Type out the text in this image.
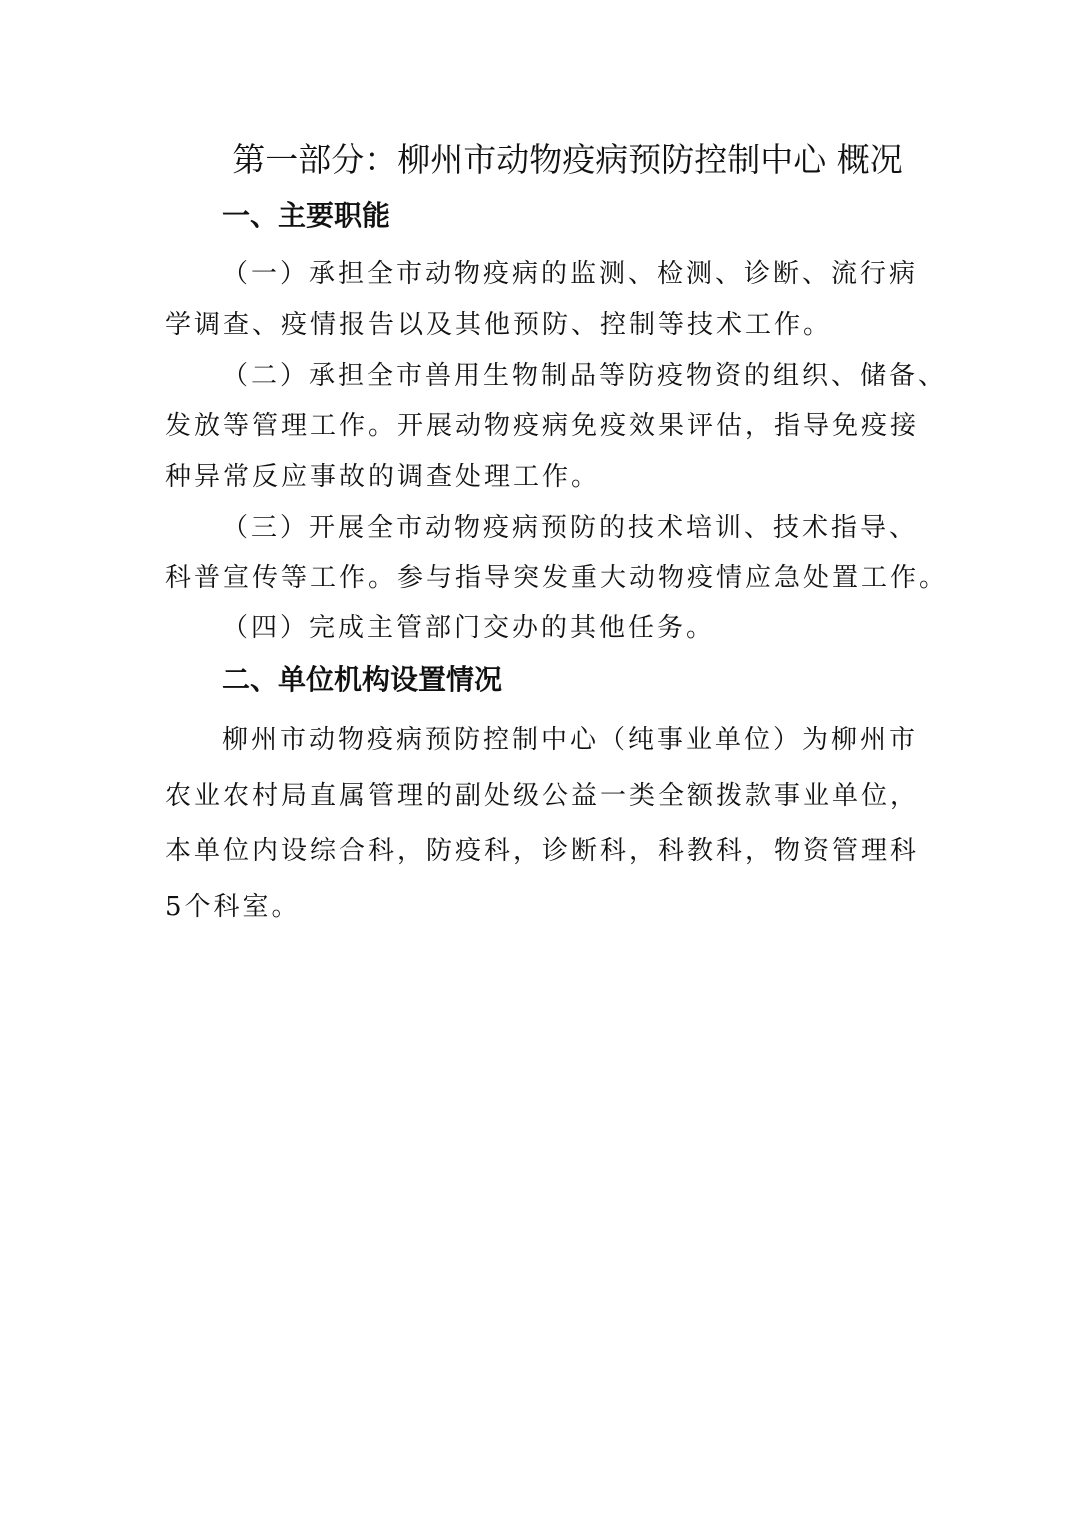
第一部分：柳州市动物疫病预防控制中心 概况
一、主要职能
（一）承担全市动物疫病的监测、检测、诊断、流行病
学调查、疫情报告以及其他预防、控制等技术工作。
（二）承担全市兽用生物制品等防疫物资的组织、储备、
发放等管理工作。开展动物疫病免疫效果评估，指导免疫接
种异常反应事故的调查处理工作。
（三）开展全市动物疫病预防的技术培训、技术指导、
科普宣传等工作。参与指导突发重大动物疫情应急处置工作。
（四）完成主管部门交办的其他任务。
二、单位机构设置情况
柳州市动物疫病预防控制中心（纯事业单位）为柳州市
农业农村局直属管理的副处级公益一类全额拨款事业单位，
本单位内设综合科，防疫科，诊断科，科教科，物资管理科
5个科室。
